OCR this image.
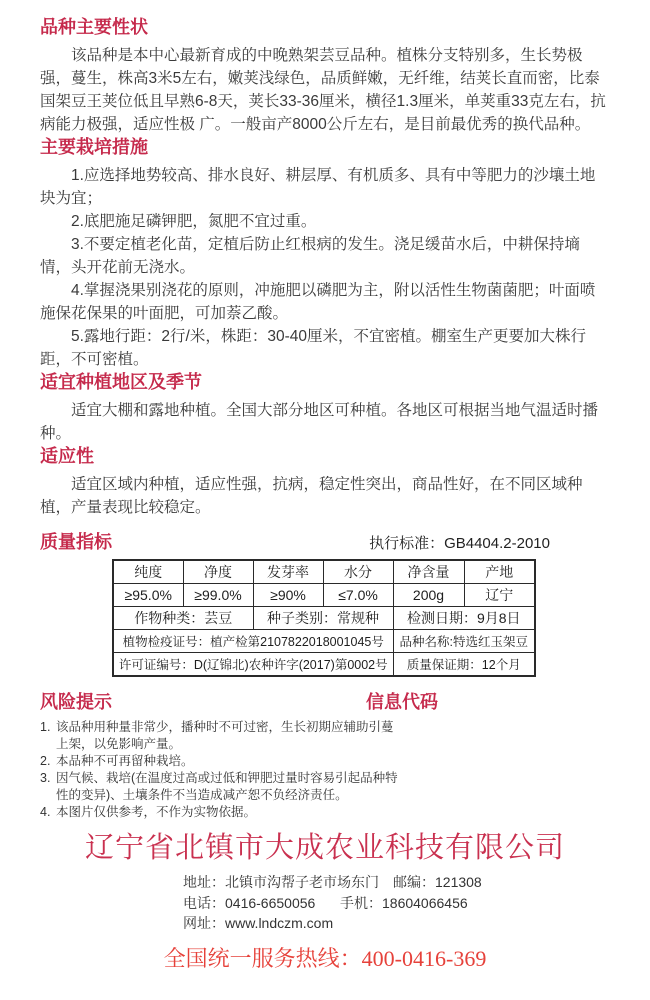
品种主要性状

该品种是本中心最新育成的中晚熟架芸豆品种。植株分支特别多，生长势极强，蔓生，株高3米5左右，嫩荚浅绿色，品质鲜嫩，无纤维，结荚长直而密，比泰国架豆王荚位低且早熟6-8天，荚长33-36厘米，横径1.3厘米，单荚重33克左右，抗病能力极强，适应性极 广。一般亩产8000公斤左右，是目前最优秀的换代品种。

主要栽培措施

1.应选择地势较高、排水良好、耕层厚、有机质多、具有中等肥力的沙壤土地块为宜；

2.底肥施足磷钾肥，氮肥不宜过重。

3.不要定植老化苗，定植后防止红根病的发生。浇足缓苗水后，中耕保持墒情，头开花前无浇水。

4.掌握浇果别浇花的原则，冲施肥以磷肥为主，附以活性生物菌菌肥；叶面喷施保花保果的叶面肥，可加萘乙酸。

5.露地行距：2行/米，株距：30-40厘米，不宜密植。棚室生产更要加大株行距，不可密植。

适宜种植地区及季节

适宜大棚和露地种植。全国大部分地区可种植。各地区可根据当地气温适时播种。

适应性

适宜区域内种植，适应性强，抗病，稳定性突出，商品性好，在不同区域种植，产量表现比较稳定。

质量指标	执行标准：GB4404.2-2010
纯度	净度	发芽率	水分	净含量	产地
≥95.0%	≥99.0%	≥90%	≤7.0%	200g	辽宁
作物种类：芸豆		种子类别：常规种		检测日期：9月8日	
植物检疫证号：植产检第2107822018001045号				品种名称:特选红玉架豆	
许可证编号：D(辽锦北)农种许字(2017)第0002号				质量保证期：12个月	
风险提示	信息代码
1. 该品种用种量非常少，播种时不可过密，生长初期应辅助引蔓上架，以免影响产量。
2. 本品种不可再留种栽培。
3. 因气候、栽培(在温度过高或过低和钾肥过量时容易引起品种特性的变异)、土壤条件不当造成减产恕不负经济责任。
4. 本图片仅供参考，不作为实物依据。
辽宁省北镇市大成农业科技有限公司
地址：北镇市沟帮子老市场东门 邮编：121308
电话：0416-6650056 手机：18604066456
网址：www.lndczm.com
全国统一服务热线：400-0416-369
